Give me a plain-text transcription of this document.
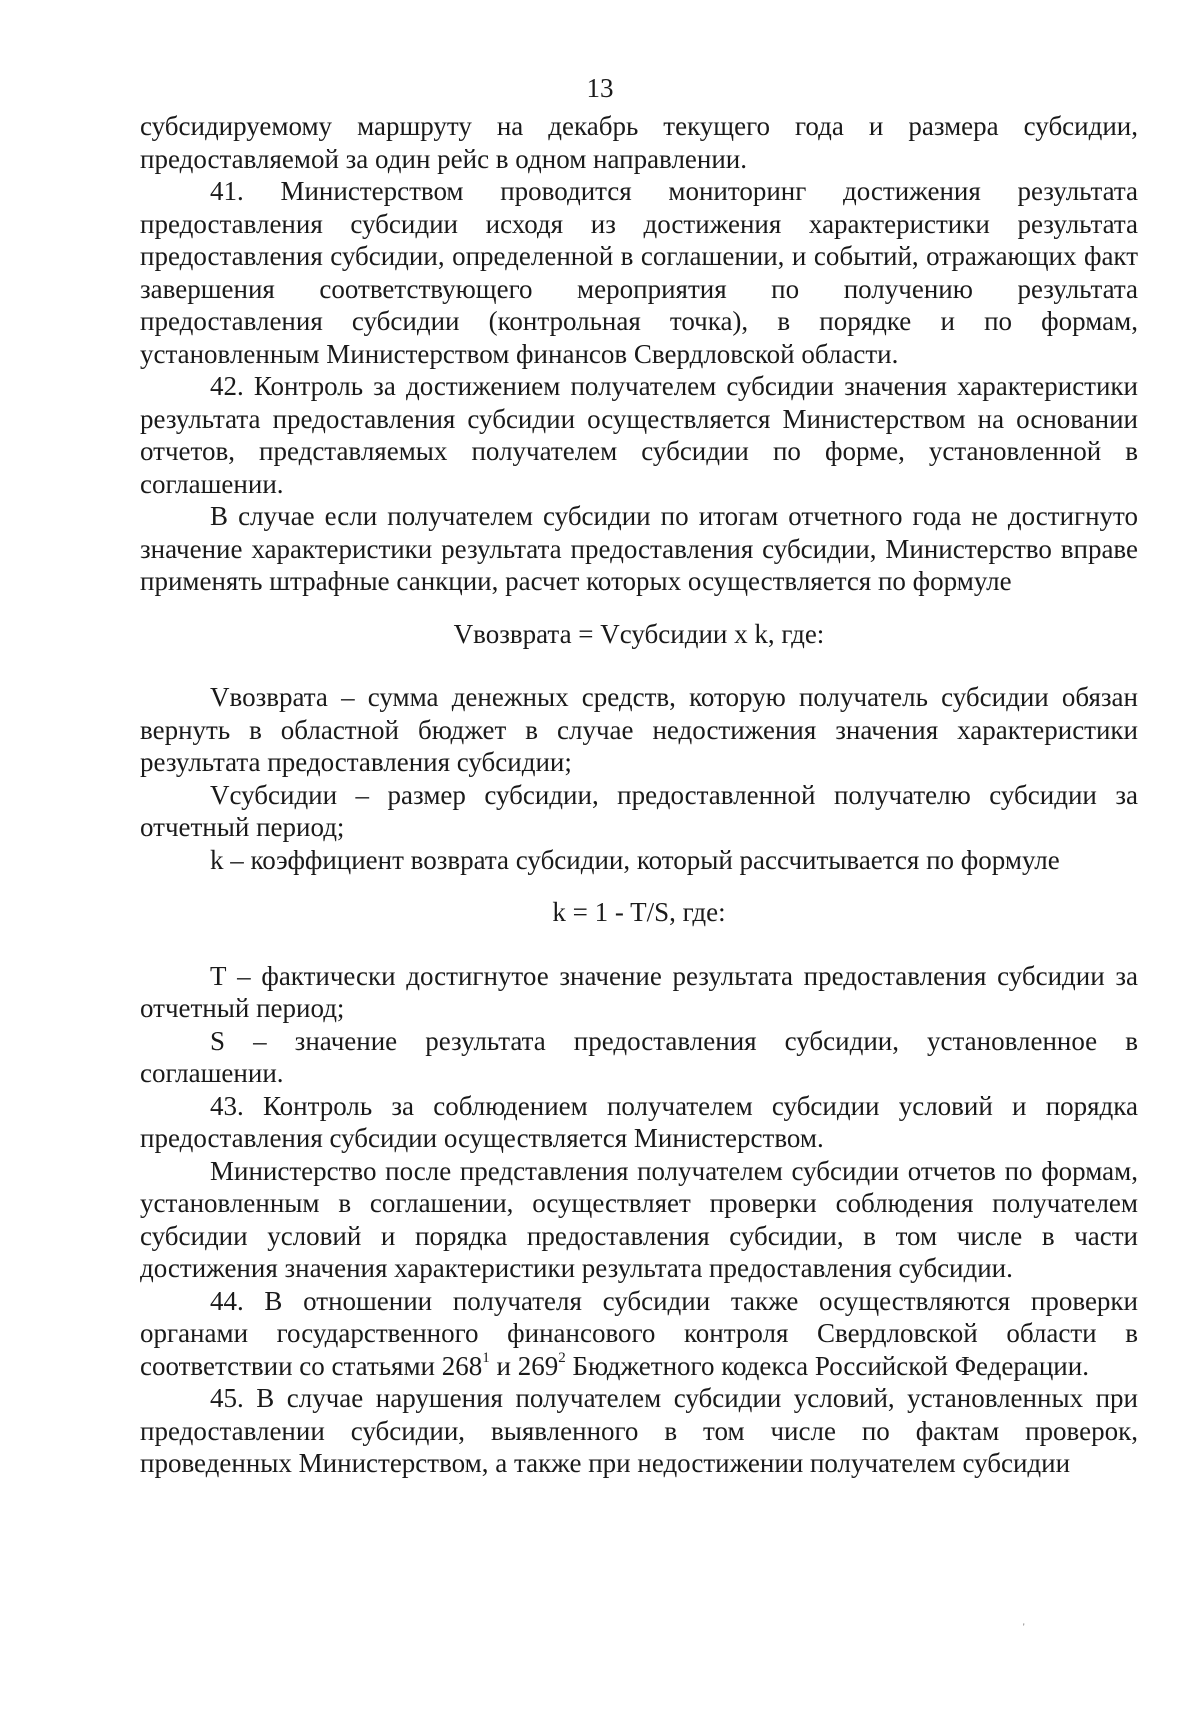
13

субсидируемому маршруту на декабрь текущего года и размера субсидии, предоставляемой за один рейс в одном направлении.

41. Министерством проводится мониторинг достижения результата предоставления субсидии исходя из достижения характеристики результата предоставления субсидии, определенной в соглашении, и событий, отражающих факт завершения соответствующего мероприятия по получению результата предоставления субсидии (контрольная точка), в порядке и по формам, установленным Министерством финансов Свердловской области.

42. Контроль за достижением получателем субсидии значения характеристики результата предоставления субсидии осуществляется Министерством на основании отчетов, представляемых получателем субсидии по форме, установленной в соглашении.

В случае если получателем субсидии по итогам отчетного года не достигнуто значение характеристики результата предоставления субсидии, Министерство вправе применять штрафные санкции, расчет которых осуществляется по формуле

Vвозврата = Vсубсидии x k, где:

Vвозврата – сумма денежных средств, которую получатель субсидии обязан вернуть в областной бюджет в случае недостижения значения характеристики результата предоставления субсидии;

Vсубсидии – размер субсидии, предоставленной получателю субсидии за отчетный период;

k – коэффициент возврата субсидии, который рассчитывается по формуле

k = 1 - T/S, где:

Т – фактически достигнутое значение результата предоставления субсидии за отчетный период;

S – значение результата предоставления субсидии, установленное в соглашении.

43. Контроль за соблюдением получателем субсидии условий и порядка предоставления субсидии осуществляется Министерством.

Министерство после представления получателем субсидии отчетов по формам, установленным в соглашении, осуществляет проверки соблюдения получателем субсидии условий и порядка предоставления субсидии, в том числе в части достижения значения характеристики результата предоставления субсидии.

44. В отношении получателя субсидии также осуществляются проверки органами государственного финансового контроля Свердловской области в соответствии со статьями $268^1$ и $269^2$ Бюджетного кодекса Российской Федерации.

45. В случае нарушения получателем субсидии условий, установленных при предоставлении субсидии, выявленного в том числе по фактам проверок, проведенных Министерством, а также при недостижении получателем субсидии

'
